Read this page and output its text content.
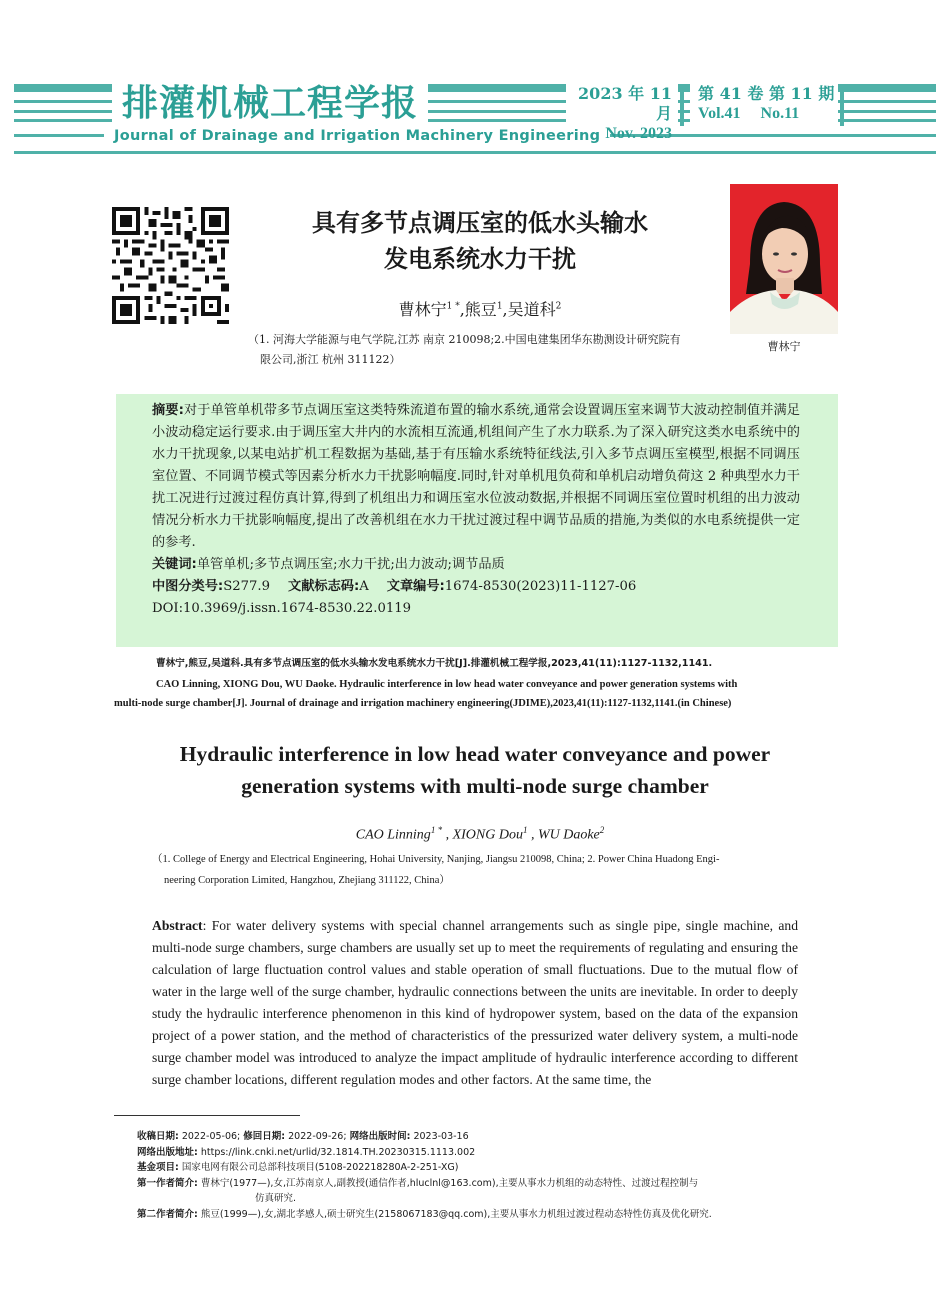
排灌机械工程学报
Journal of Drainage and Irrigation Machinery Engineering
2023 年 11 月
Nov. 2023
第 41 卷 第 11 期
Vol.41     No.11
曹林宁
具有多节点调压室的低水头输水
发电系统水力干扰
曹林宁$^{1 *}$,熊豆$^1$,吴道科$^2$
（1. 河海大学能源与电气学院,江苏 南京 210098;2.中国电建集团华东勘测设计研究院有
限公司,浙江 杭州 311122）
摘要:对于单管单机带多节点调压室这类特殊流道布置的输水系统,通常会设置调压室来调节大波动控制值并满足小波动稳定运行要求.由于调压室大井内的水流相互流通,机组间产生了水力联系.为了深入研究这类水电系统中的水力干扰现象,以某电站扩机工程数据为基础,基于有压输水系统特征线法,引入多节点调压室模型,根据不同调压室位置、不同调节模式等因素分析水力干扰影响幅度.同时,针对单机甩负荷和单机启动增负荷这 2 种典型水力干扰工况进行过渡过程仿真计算,得到了机组出力和调压室水位波动数据,并根据不同调压室位置时机组的出力波动情况分析水力干扰影响幅度,提出了改善机组在水力干扰过渡过程中调节品质的措施,为类似的水电系统提供一定的参考.
关键词:单管单机;多节点调压室;水力干扰;出力波动;调节品质
中图分类号:S277.9 文献标志码:A 文章编号:1674-8530(2023)11-1127-06
DOI:10.3969/j.issn.1674-8530.22.0119
曹林宁,熊豆,吴道科.具有多节点调压室的低水头输水发电系统水力干扰[J].排灌机械工程学报,2023,41(11):1127-1132,1141.
CAO Linning, XIONG Dou, WU Daoke. Hydraulic interference in low head water conveyance and power generation systems with
multi-node surge chamber[J]. Journal of drainage and irrigation machinery engineering(JDIME),2023,41(11):1127-1132,1141.(in Chinese)
Hydraulic interference in low head water conveyance and power
generation systems with multi-node surge chamber
CAO Linning$^{1 *}$ , XIONG Dou$^1$ , WU Daoke$^2$
（1. College of Energy and Electrical Engineering, Hohai University, Nanjing, Jiangsu 210098, China; 2. Power China Huadong Engi-
neering Corporation Limited, Hangzhou, Zhejiang 311122, China）
Abstract: For water delivery systems with special channel arrangements such as single pipe, single machine, and multi-node surge chambers, surge chambers are usually set up to meet the requirements of regulating and ensuring the calculation of large fluctuation control values and stable operation of small fluctuations. Due to the mutual flow of water in the large well of the surge chamber, hydraulic connections between the units are inevitable. In order to deeply study the hydraulic interference phenomenon in this kind of hydropower system, based on the data of the expansion project of a power station, and the method of characteristics of the pressurized water delivery system, a multi-node surge chamber model was introduced to analyze the impact amplitude of hydraulic interference according to different surge chamber locations, different regulation modes and other factors. At the same time, the
收稿日期: 2022-05-06; 修回日期: 2022-09-26; 网络出版时间: 2023-03-16
网络出版地址: https://link.cnki.net/urlid/32.1814.TH.20230315.1113.002
基金项目: 国家电网有限公司总部科技项目(5108-202218280A-2-251-XG)
第一作者简介: 曹林宁(1977—),女,江苏南京人,副教授(通信作者,hluclnl@163.com),主要从事水力机组的动态特性、过渡过程控制与
仿真研究.
第二作者简介: 熊豆(1999—),女,湖北孝感人,硕士研究生(2158067183@qq.com),主要从事水力机组过渡过程动态特性仿真及优化研究.
